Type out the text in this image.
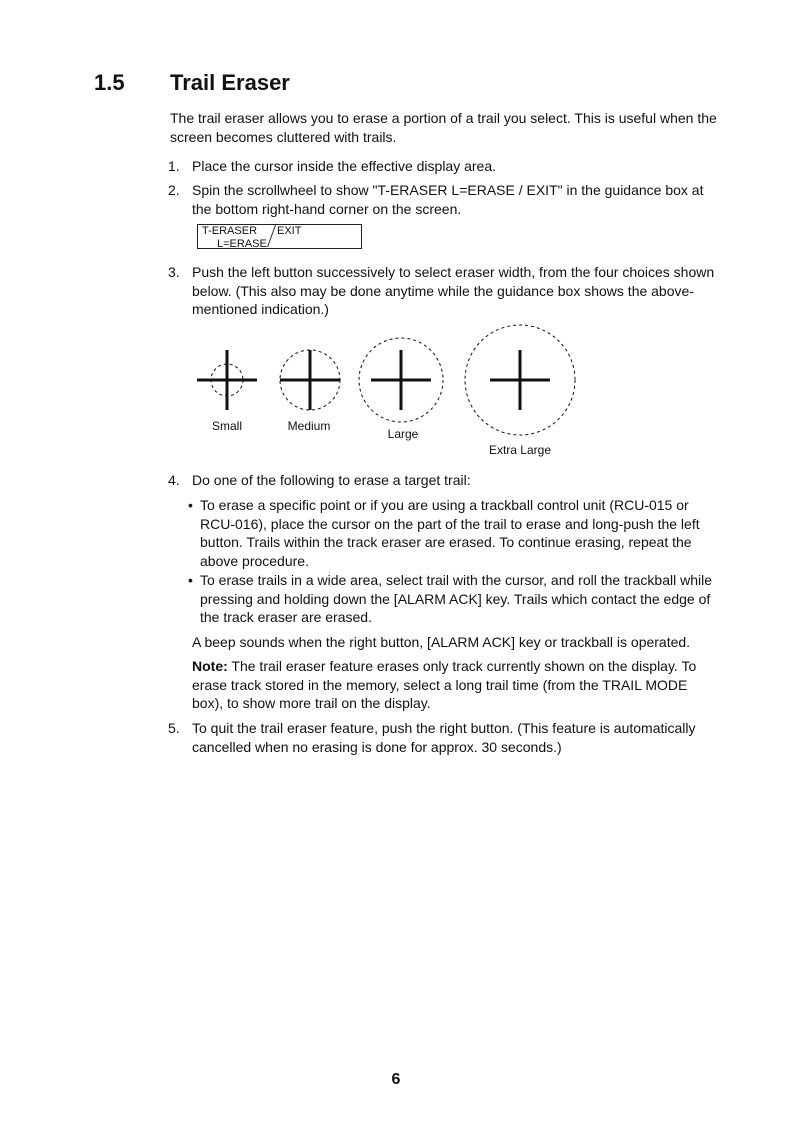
1.5 Trail Eraser
The trail eraser allows you to erase a portion of a trail you select. This is useful when the screen becomes cluttered with trails.
1. Place the cursor inside the effective display area.
2. Spin the scrollwheel to show "T-ERASER L=ERASE / EXIT" in the guidance box at the bottom right-hand corner on the screen.
T-ERASER
L=ERASE
EXIT
3. Push the left button successively to select eraser width, from the four choices shown below. (This also may be done anytime while the guidance box shows the above-mentioned indication.)
Small	Medium
Large
Extra Large
4. Do one of the following to erase a target trail:
• To erase a specific point or if you are using a trackball control unit (RCU-015 or RCU-016), place the cursor on the part of the trail to erase and long-push the left button. Trails within the track eraser are erased. To continue erasing, repeat the above procedure.
• To erase trails in a wide area, select trail with the cursor, and roll the trackball while pressing and holding down the [ALARM ACK] key. Trails which contact the edge of the track eraser are erased.
A beep sounds when the right button, [ALARM ACK] key or trackball is operated.
Note: The trail eraser feature erases only track currently shown on the display. To erase track stored in the memory, select a long trail time (from the TRAIL MODE box), to show more trail on the display.
5. To quit the trail eraser feature, push the right button. (This feature is automatically cancelled when no erasing is done for approx. 30 seconds.)
6
